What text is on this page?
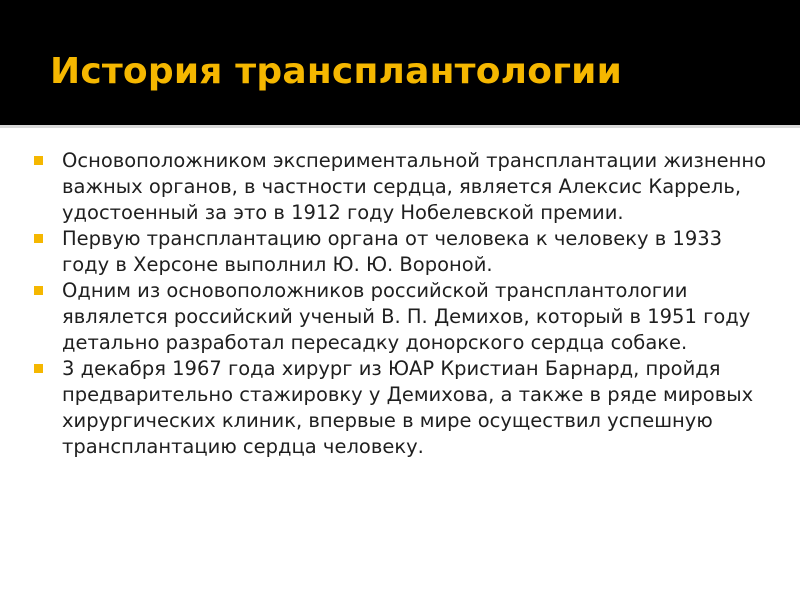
История трансплантологии
Основоположником экспериментальной трансплантации жизненно важных органов, в частности сердца, является Алексис Каррель, удостоенный за это в 1912 году Нобелевской премии.
Первую трансплантацию органа от человека к человеку в 1933 году в Херсоне выполнил Ю. Ю. Вороной.
Одним из основоположников российской трансплантологии являлется российский ученый В. П. Демихов, который в 1951 году детально разработал пересадку донорского сердца собаке.
3 декабря 1967 года хирург из ЮАР Кристиан Барнард, пройдя предварительно стажировку у Демихова, а также в ряде мировых хирургических клиник, впервые в мире осуществил успешную трансплантацию сердца человеку.
